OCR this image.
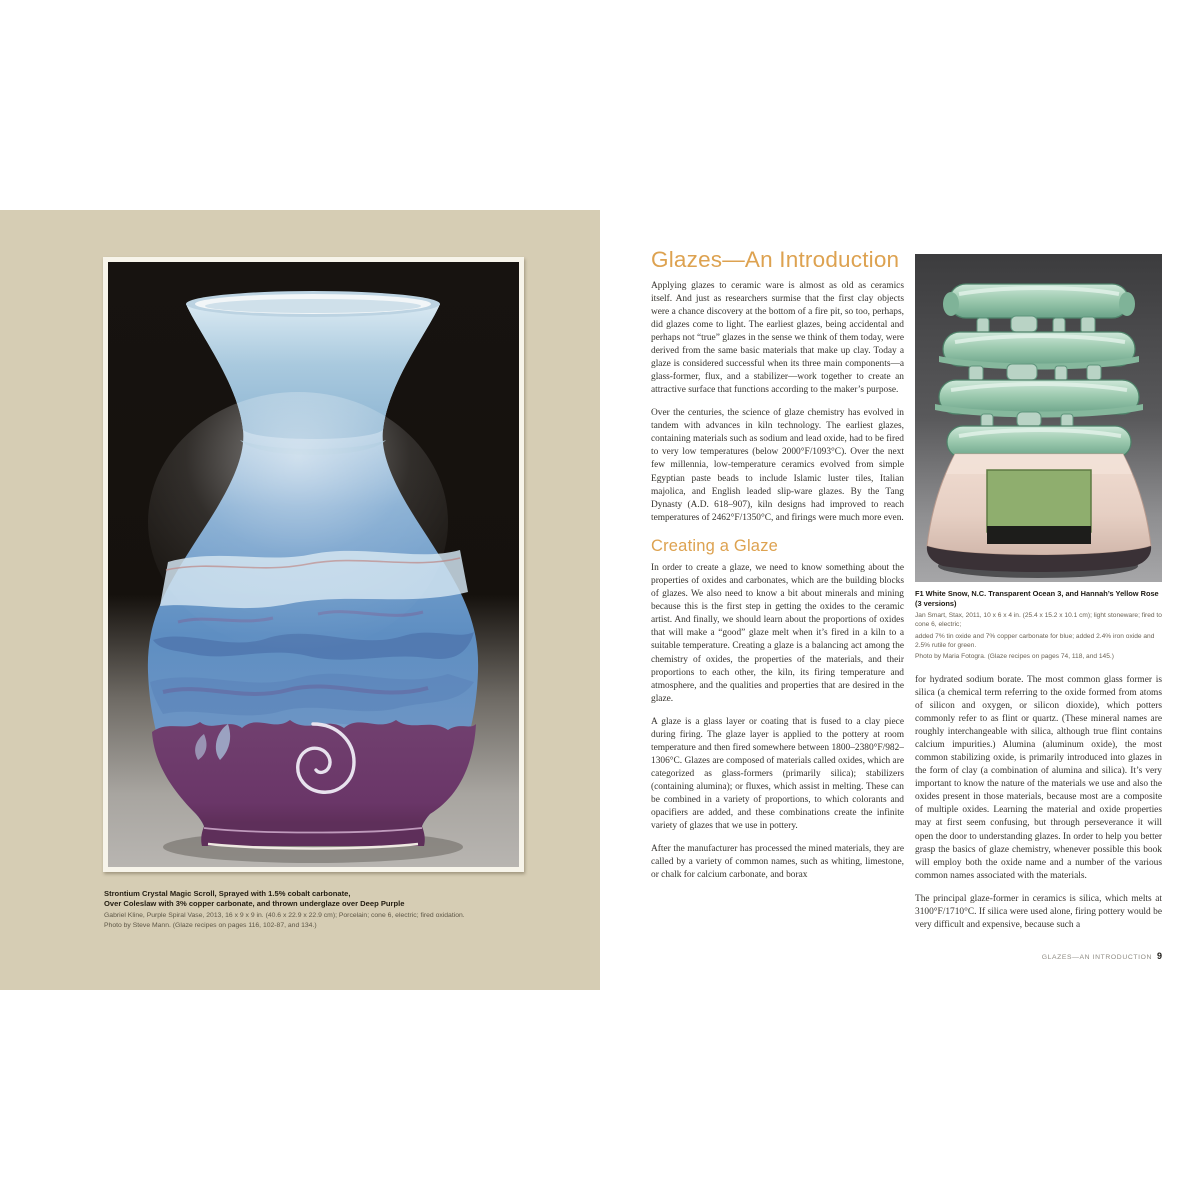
Strontium Crystal Magic Scroll, Sprayed with 1.5% cobalt carbonate,
Over Coleslaw with 3% copper carbonate, and thrown underglaze over Deep Purple
Gabriel Kline, Purple Spiral Vase, 2013, 16 x 9 x 9 in. (40.6 x 22.9 x 22.9 cm); Porcelain; cone 6, electric; fired oxidation.
Photo by Steve Mann. (Glaze recipes on pages 116, 102-87, and 134.)
Glazes—An Introduction

Applying glazes to ceramic ware is almost as old as ceramics itself. And just as researchers surmise that the first clay objects were a chance discovery at the bottom of a fire pit, so too, perhaps, did glazes come to light. The earliest glazes, being accidental and perhaps not “true” glazes in the sense we think of them today, were derived from the same basic materials that make up clay. Today a glaze is considered successful when its three main components—a glass-former, flux, and a stabilizer—work together to create an attractive surface that functions according to the maker’s purpose.

Over the centuries, the science of glaze chemistry has evolved in tandem with advances in kiln technology. The earliest glazes, containing materials such as sodium and lead oxide, had to be fired to very low temperatures (below 2000°F/1093°C). Over the next few millennia, low-temperature ceramics evolved from simple Egyptian paste beads to include Islamic luster tiles, Italian majolica, and English leaded slip-ware glazes. By the Tang Dynasty (A.D. 618–907), kiln designs had improved to reach temperatures of 2462°F/1350°C, and firings were much more even.

Creating a Glaze

In order to create a glaze, we need to know something about the properties of oxides and carbonates, which are the building blocks of glazes. We also need to know a bit about minerals and mining because this is the first step in getting the oxides to the ceramic artist. And finally, we should learn about the proportions of oxides that will make a “good” glaze melt when it’s fired in a kiln to a suitable temperature. Creating a glaze is a balancing act among the chemistry of oxides, the properties of the materials, and their proportions to each other, the kiln, its firing temperature and atmosphere, and the qualities and properties that are desired in the glaze.

A glaze is a glass layer or coating that is fused to a clay piece during firing. The glaze layer is applied to the pottery at room temperature and then fired somewhere between 1800–2380°F/982–1306°C. Glazes are composed of materials called oxides, which are categorized as glass-formers (primarily silica); stabilizers (containing alumina); or fluxes, which assist in melting. These can be combined in a variety of proportions, to which colorants and opacifiers are added, and these combinations create the infinite variety of glazes that we use in pottery.

After the manufacturer has processed the mined materials, they are called by a variety of common names, such as whiting, limestone, or chalk for calcium carbonate, and borax

F1 White Snow, N.C. Transparent Ocean 3, and Hannah’s Yellow Rose
(3 versions)
Jan Smart, Stax, 2011, 10 x 6 x 4 in. (25.4 x 15.2 x 10.1 cm); light stoneware; fired to cone 6, electric;
added 7% tin oxide and 7% copper carbonate for blue; added 2.4% iron oxide and 2.5% rutile for green.
Photo by Maria Fotogra. (Glaze recipes on pages 74, 118, and 145.)

for hydrated sodium borate. The most common glass former is silica (a chemical term referring to the oxide formed from atoms of silicon and oxygen, or silicon dioxide), which potters commonly refer to as flint or quartz. (These mineral names are roughly interchangeable with silica, although true flint contains calcium impurities.) Alumina (aluminum oxide), the most common stabilizing oxide, is primarily introduced into glazes in the form of clay (a combination of alumina and silica). It’s very important to know the nature of the materials we use and also the oxides present in those materials, because most are a composite of multiple oxides. Learning the material and oxide properties may at first seem confusing, but through perseverance it will open the door to understanding glazes. In order to help you better grasp the basics of glaze chemistry, whenever possible this book will employ both the oxide name and a number of the various common names associated with the materials.

The principal glaze-former in ceramics is silica, which melts at 3100°F/1710°C. If silica were used alone, firing pottery would be very difficult and expensive, because such a

GLAZES—AN INTRODUCTION 9
